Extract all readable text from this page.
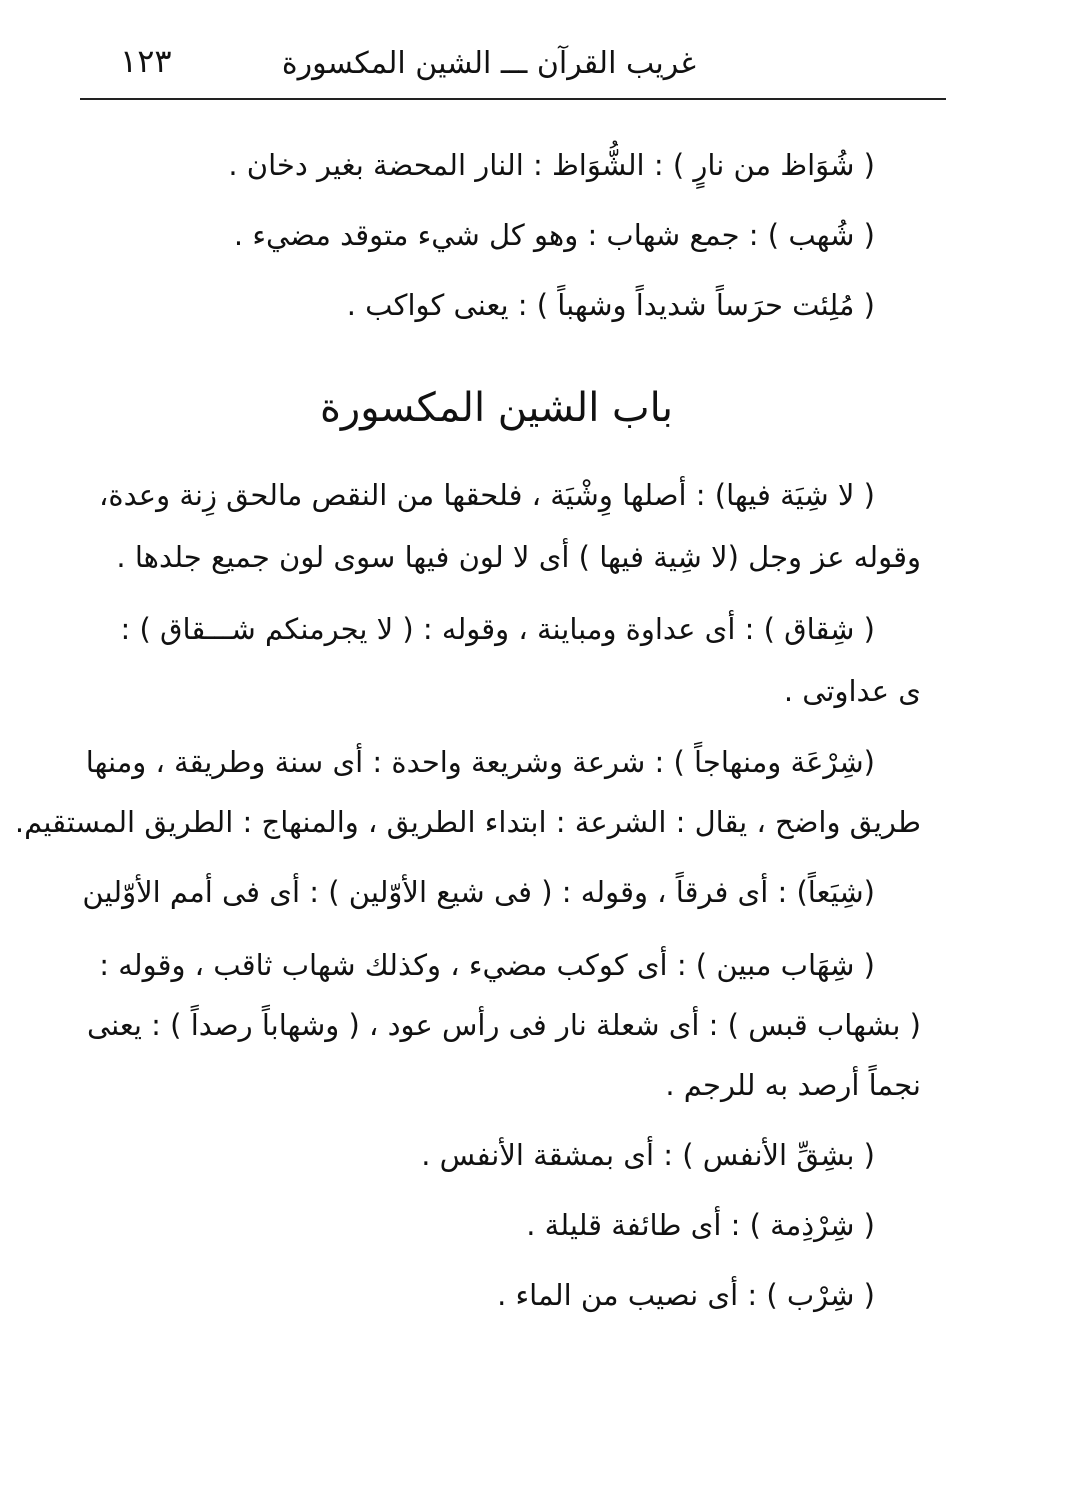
غريب القرآن ـــ الشين المكسورة
١٢٣
( شُوَاظ من نارٍ ) : الشُّوَاظ : النار المحضة بغير دخان .
( شُهب ) : جمع شهاب : وهو كل شيء متوقد مضيء .
( مُلِئت حرَساً شديداً وشهباً ) : يعنى كواكب .
باب الشين المكسورة
( لا شِيَة فيها) : أصلها وِشْيَة ، فلحقها من النقص مالحق زِنة وعدة،
وقوله عز وجل (لا شِية فيها ) أى لا لون فيها سوى لون جميع جلدها .
( شِقاق ) : أى عداوة ومباينة ، وقوله : ( لا يجرمنكم شـــقاق ) :
ى عداوتى .
(شِرْعَة ومنهاجاً ) : شرعة وشريعة واحدة : أى سنة وطريقة ، ومنها
طريق واضح ، يقال : الشرعة : ابتداء الطريق ، والمنهاج : الطريق المستقيم.
(شِيَعاً) : أى فرقاً ، وقوله : ( فى شيع الأوّلين ) : أى فى أمم الأوّلين
( شِهَاب مبين ) : أى كوكب مضيء ، وكذلك شهاب ثاقب ، وقوله :
( بشهاب قبس ) : أى شعلة نار فى رأس عود ، ( وشهاباً رصداً ) : يعنى
نجماً أرصد به للرجم .
( بشِقِّ الأنفس ) : أى بمشقة الأنفس .
( شِرْذِمة ) : أى طائفة قليلة .
( شِرْب ) : أى نصيب من الماء .
